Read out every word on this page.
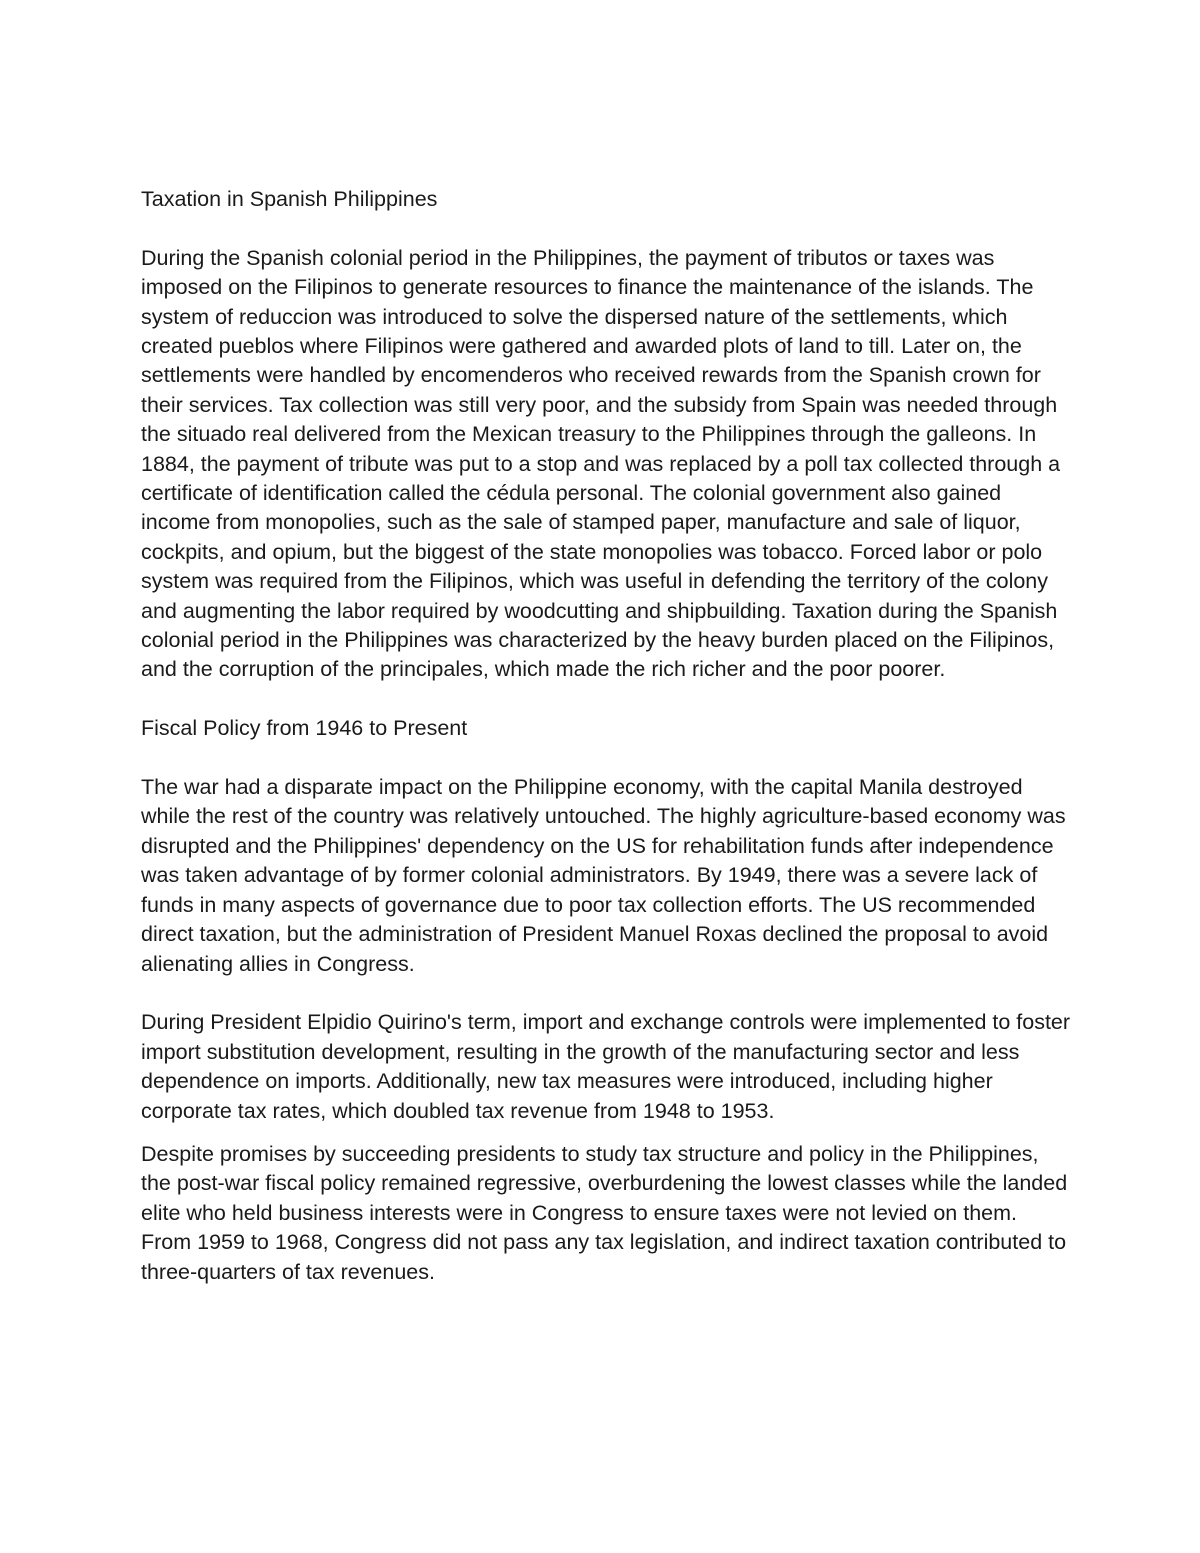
Taxation in Spanish Philippines

During the Spanish colonial period in the Philippines, the payment of tributos or taxes was imposed on the Filipinos to generate resources to finance the maintenance of the islands. The system of reduccion was introduced to solve the dispersed nature of the settlements, which created pueblos where Filipinos were gathered and awarded plots of land to till. Later on, the settlements were handled by encomenderos who received rewards from the Spanish crown for their services. Tax collection was still very poor, and the subsidy from Spain was needed through the situado real delivered from the Mexican treasury to the Philippines through the galleons. In 1884, the payment of tribute was put to a stop and was replaced by a poll tax collected through a certificate of identification called the cédula personal. The colonial government also gained income from monopolies, such as the sale of stamped paper, manufacture and sale of liquor, cockpits, and opium, but the biggest of the state monopolies was tobacco. Forced labor or polo system was required from the Filipinos, which was useful in defending the territory of the colony and augmenting the labor required by woodcutting and shipbuilding. Taxation during the Spanish colonial period in the Philippines was characterized by the heavy burden placed on the Filipinos, and the corruption of the principales, which made the rich richer and the poor poorer.

Fiscal Policy from 1946 to Present

The war had a disparate impact on the Philippine economy, with the capital Manila destroyed while the rest of the country was relatively untouched. The highly agriculture-based economy was disrupted and the Philippines' dependency on the US for rehabilitation funds after independence was taken advantage of by former colonial administrators. By 1949, there was a severe lack of funds in many aspects of governance due to poor tax collection efforts. The US recommended direct taxation, but the administration of President Manuel Roxas declined the proposal to avoid alienating allies in Congress.

During President Elpidio Quirino's term, import and exchange controls were implemented to foster import substitution development, resulting in the growth of the manufacturing sector and less dependence on imports. Additionally, new tax measures were introduced, including higher corporate tax rates, which doubled tax revenue from 1948 to 1953.

Despite promises by succeeding presidents to study tax structure and policy in the Philippines, the post-war fiscal policy remained regressive, overburdening the lowest classes while the landed elite who held business interests were in Congress to ensure taxes were not levied on them. From 1959 to 1968, Congress did not pass any tax legislation, and indirect taxation contributed to three-quarters of tax revenues.
